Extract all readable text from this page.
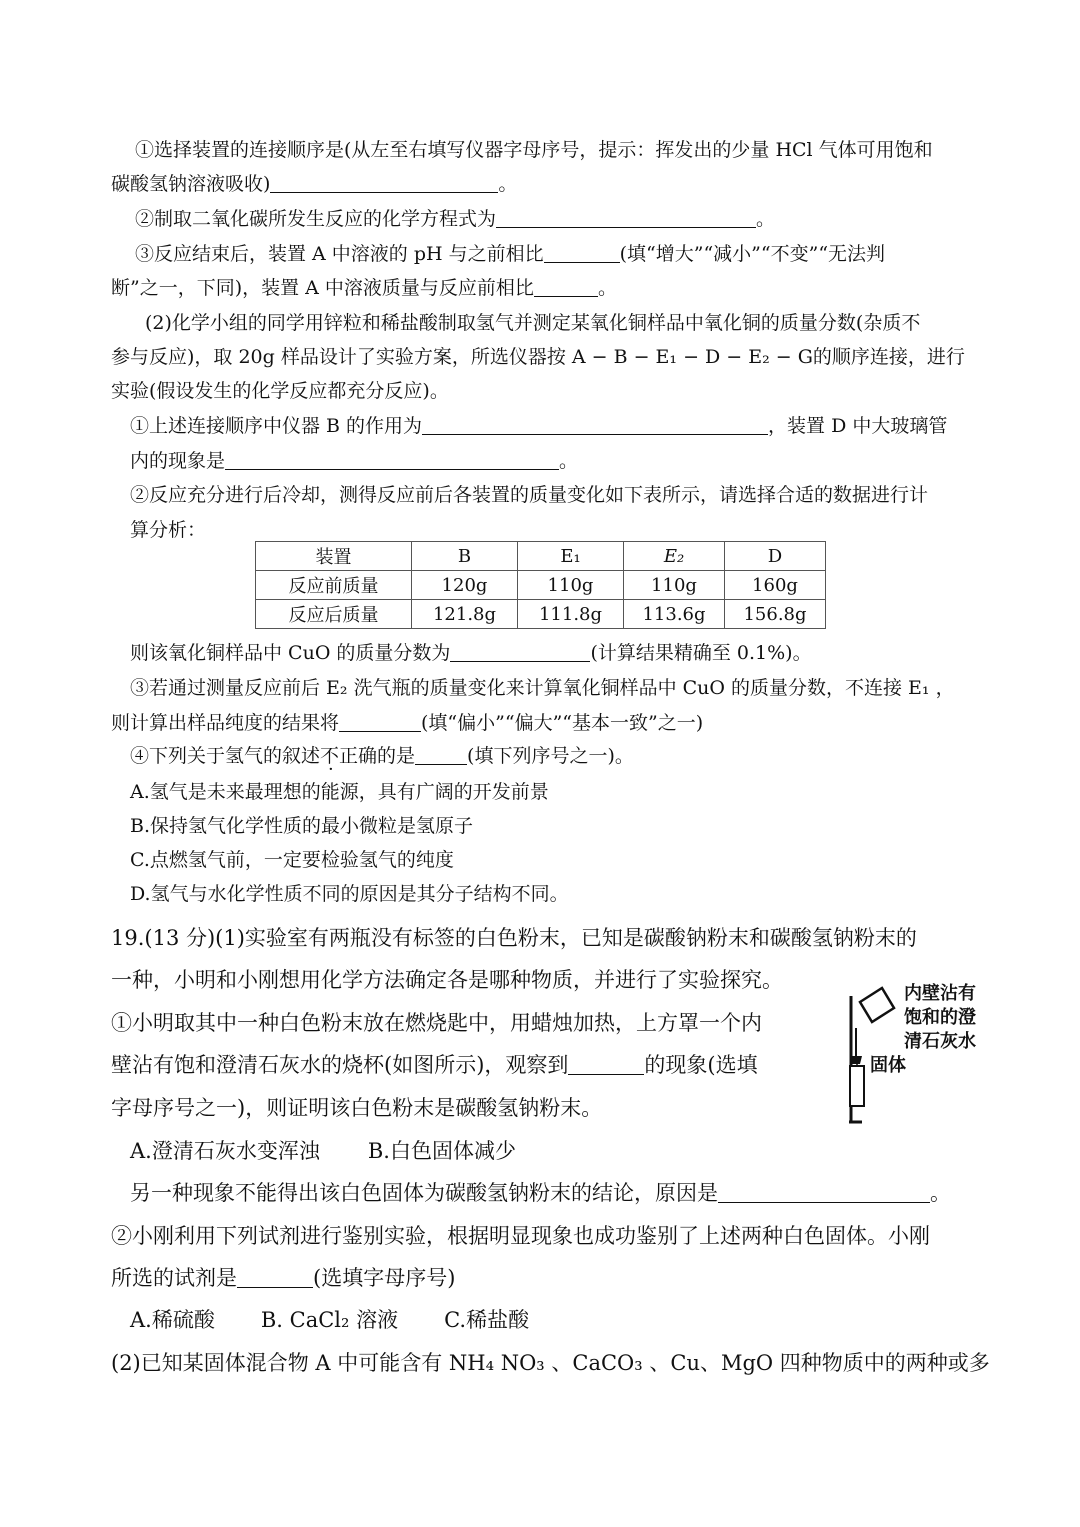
①选择装置的连接顺序是(从左至右填写仪器字母序号，提示：挥发出的少量 HCl 气体可用饱和
碳酸氢钠溶液吸收)	。
②制取二氧化碳所发生反应的化学方程式为	。
③反应结束后，装置 A 中溶液的 pH 与之前相比	(填“增大”“减小”“不变”“无法判
断”之一，下同)，装置 A 中溶液质量与反应前相比	。
(2)化学小组的同学用锌粒和稀盐酸制取氢气并测定某氧化铜样品中氧化铜的质量分数(杂质不
参与反应)，取 20g 样品设计了实验方案，所选仪器按 A − B − E₁ − D − E₂ − G的顺序连接，进行
实验(假设发生的化学反应都充分反应)。
①上述连接顺序中仪器 B 的作用为	，装置 D 中大玻璃管
内的现象是	。
②反应充分进行后冷却，测得反应前后各装置的质量变化如下表所示，请选择合适的数据进行计
算分析：
装置	B	E₁	E₂	D
反应前质量	120g	110g	110g	160g
反应后质量	121.8g	111.8g	113.6g	156.8g
则该氧化铜样品中 CuO 的质量分数为	(计算结果精确至 0.1%)。
③若通过测量反应前后 E₂ 洗气瓶的质量变化来计算氧化铜样品中 CuO 的质量分数，不连接 E₁ ，
则计算出样品纯度的结果将	(填“偏小”“偏大”“基本一致”之一)
④下列关于氢气的叙述不正确的是	(填下列序号之一)。
A.氢气是未来最理想的能源，具有广阔的开发前景
B.保持氢气化学性质的最小微粒是氢原子
C.点燃氢气前，一定要检验氢气的纯度
D.氢气与水化学性质不同的原因是其分子结构不同。
19.(13 分)(1)实验室有两瓶没有标签的白色粉末，已知是碳酸钠粉末和碳酸氢钠粉末的
一种，小明和小刚想用化学方法确定各是哪种物质，并进行了实验探究。
①小明取其中一种白色粉末放在燃烧匙中，用蜡烛加热，上方罩一个内
壁沾有饱和澄清石灰水的烧杯(如图所示)，观察到	的现象(选填
字母序号之一)，则证明该白色粉末是碳酸氢钠粉末。
A.澄清石灰水变浑浊 B.白色固体减少
另一种现象不能得出该白色固体为碳酸氢钠粉末的结论，原因是	。
②小刚利用下列试剂进行鉴别实验，根据明显现象也成功鉴别了上述两种白色固体。小刚
所选的试剂是	(选填字母序号)
A.稀硫酸 B. CaCl₂ 溶液 C.稀盐酸
(2)已知某固体混合物 A 中可能含有 NH₄ NO₃ 、CaCO₃ 、Cu、MgO 四种物质中的两种或多
内壁沾有
饱和的澄
清石灰水
固体
